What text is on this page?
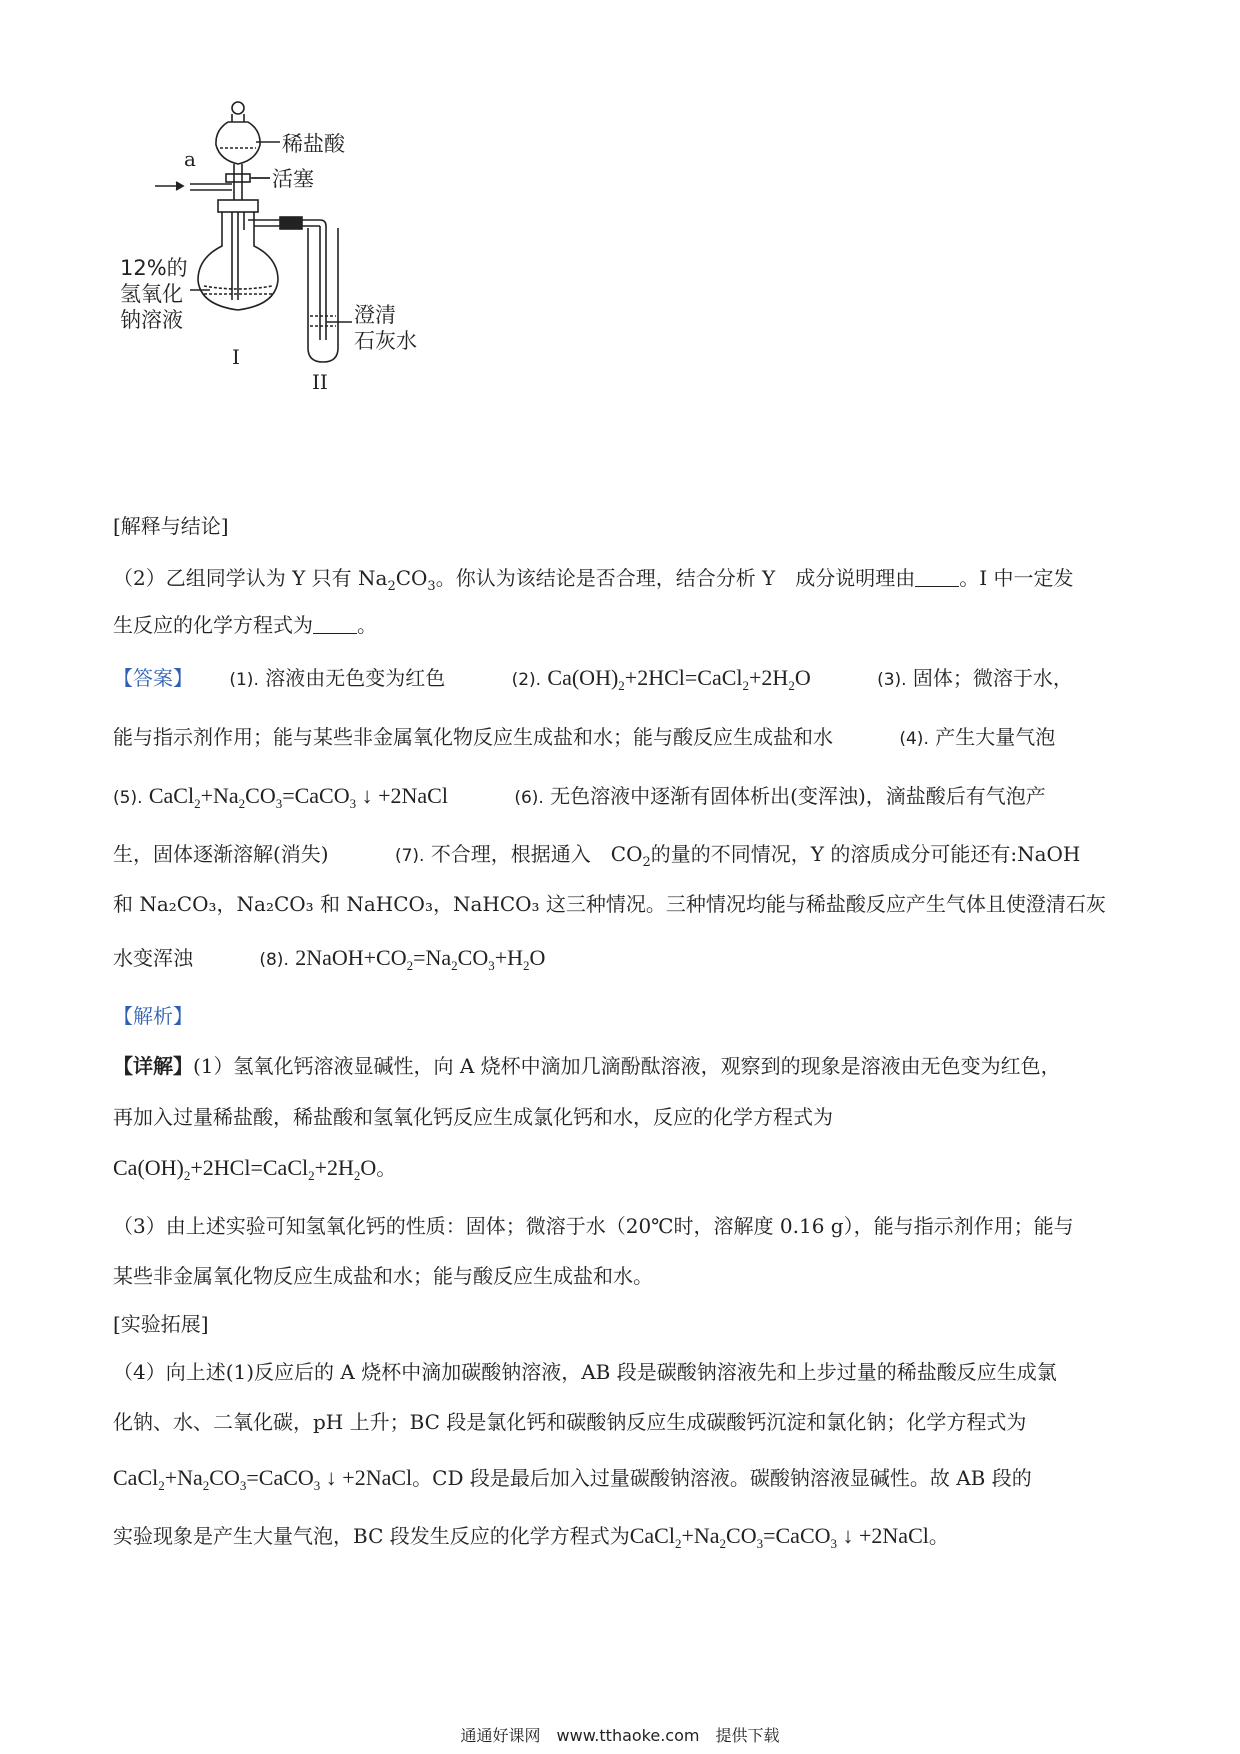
稀盐酸
活塞
a
12%的
氢氧化
钠溶液	澄清
石灰水
I
II
[解释与结论]
（2）乙组同学认为 Y 只有 $Na_2CO_3$。你认为该结论是否合理，结合分析 Y　成分说明理由 。I 中一定发
生反应的化学方程式为 。
【答案】 (1). 溶液由无色变为红色	(2). $Ca(OH)_2+2HCl=CaCl_2+2H_2O$	(3). 固体；微溶于水，
能与指示剂作用；能与某些非金属氧化物反应生成盐和水；能与酸反应生成盐和水	(4). 产生大量气泡
(5). $CaCl_2+Na_2CO_3=CaCO_3$ ↓ +2NaCl	(6). 无色溶液中逐渐有固体析出(变浑浊)，滴盐酸后有气泡产
生，固体逐渐溶解(消失)	(7). 不合理，根据通入　$CO_2$的量的不同情况，Y 的溶质成分可能还有:NaOH
和 Na₂CO₃，Na₂CO₃ 和 NaHCO₃，NaHCO₃ 这三种情况。三种情况均能与稀盐酸反应产生气体且使澄清石灰
水变浑浊	(8). $2NaOH+CO_2=Na_2CO_3+H_2O$
【解析】
【详解】(1）氢氧化钙溶液显碱性，向 A 烧杯中滴加几滴酚酞溶液，观察到的现象是溶液由无色变为红色，
再加入过量稀盐酸，稀盐酸和氢氧化钙反应生成氯化钙和水，反应的化学方程式为
$Ca(OH)_2+2HCl=CaCl_2+2H_2O$。
（3）由上述实验可知氢氧化钙的性质：固体；微溶于水（20℃时，溶解度 0.16 g），能与指示剂作用；能与
某些非金属氧化物反应生成盐和水；能与酸反应生成盐和水。
[实验拓展]
（4）向上述(1)反应后的 A 烧杯中滴加碳酸钠溶液，AB 段是碳酸钠溶液先和上步过量的稀盐酸反应生成氯
化钠、水、二氧化碳，pH 上升；BC 段是氯化钙和碳酸钠反应生成碳酸钙沉淀和氯化钠；化学方程式为
$CaCl_2+Na_2CO_3=CaCO_3$ ↓ +2NaCl。CD 段是最后加入过量碳酸钠溶液。碳酸钠溶液显碱性。故 AB 段的
实验现象是产生大量气泡，BC 段发生反应的化学方程式为$CaCl_2+Na_2CO_3=CaCO_3$ ↓ +2NaCl。
通通好课网　www.tthaoke.com　提供下载
